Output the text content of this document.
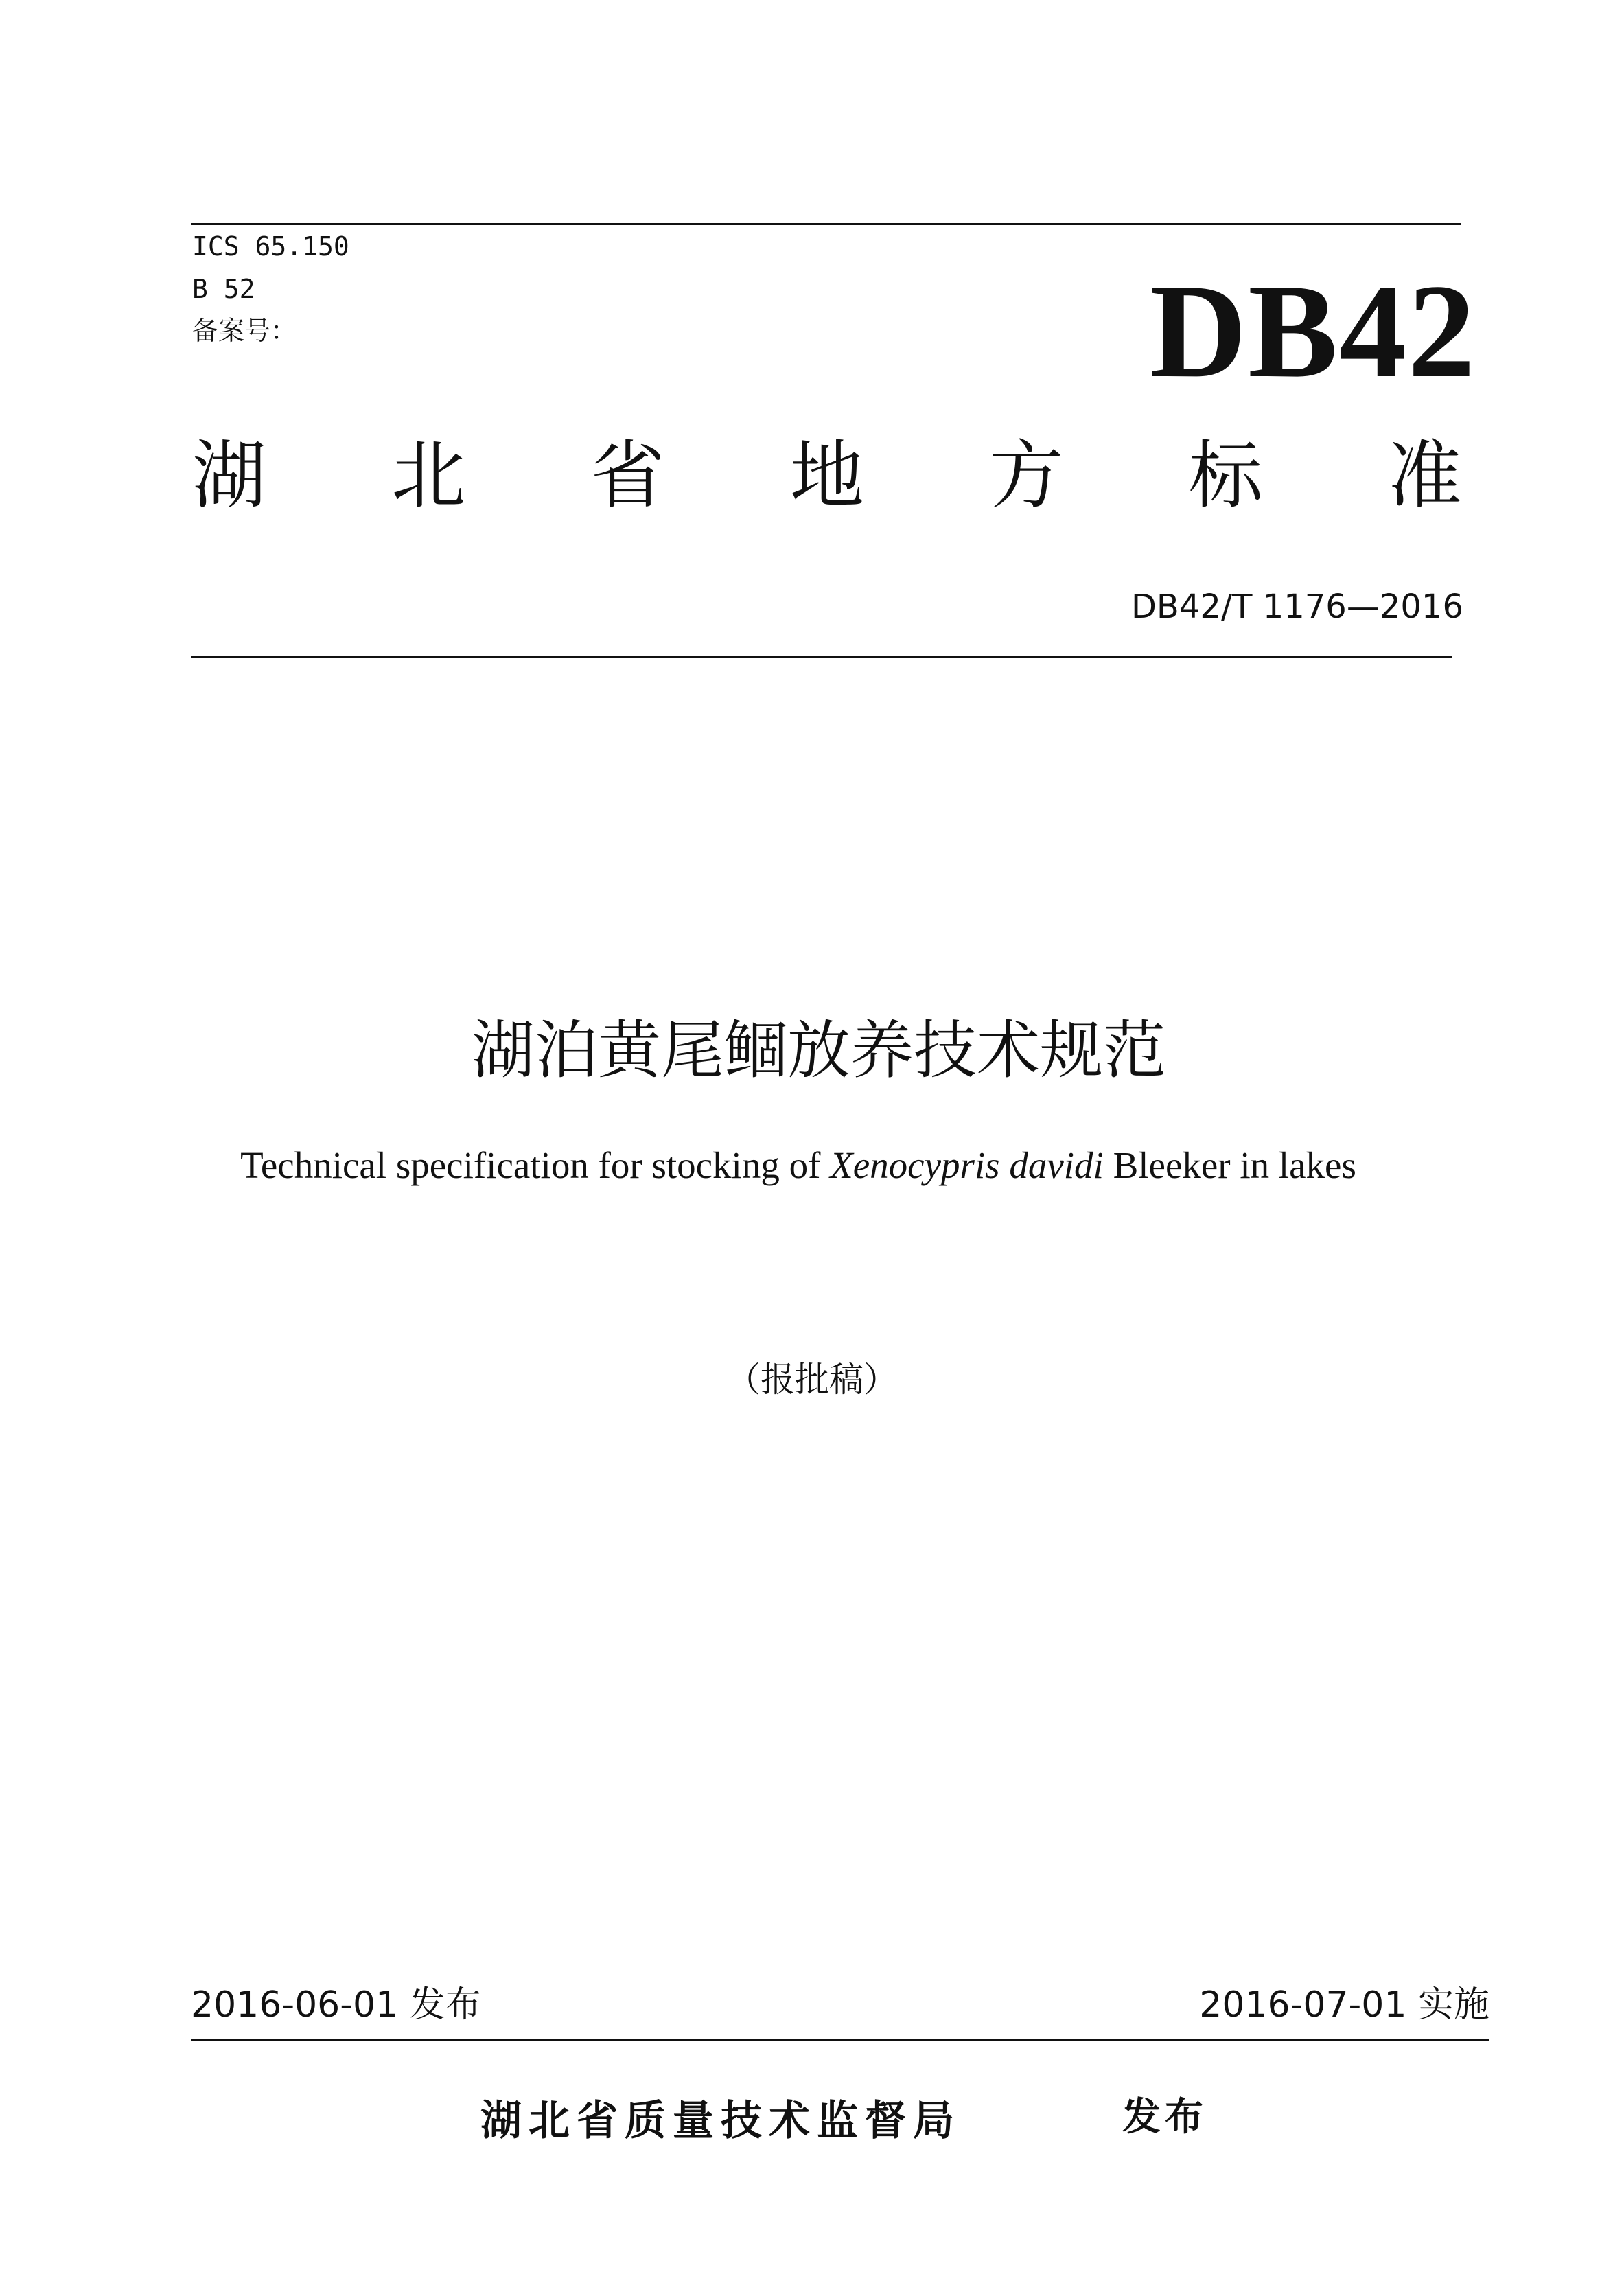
ICS 65.150
B 52
备案号：	DB42
湖 北 省 地 方 标 准
DB42/T 1176—2016
湖泊黄尾鲴放养技术规范
Technical specification for stocking of Xenocypris davidi Bleeker in lakes
（报批稿）
2016-06-01 发布	2016-07-01 实施
湖北省质量技术监督局	发布
